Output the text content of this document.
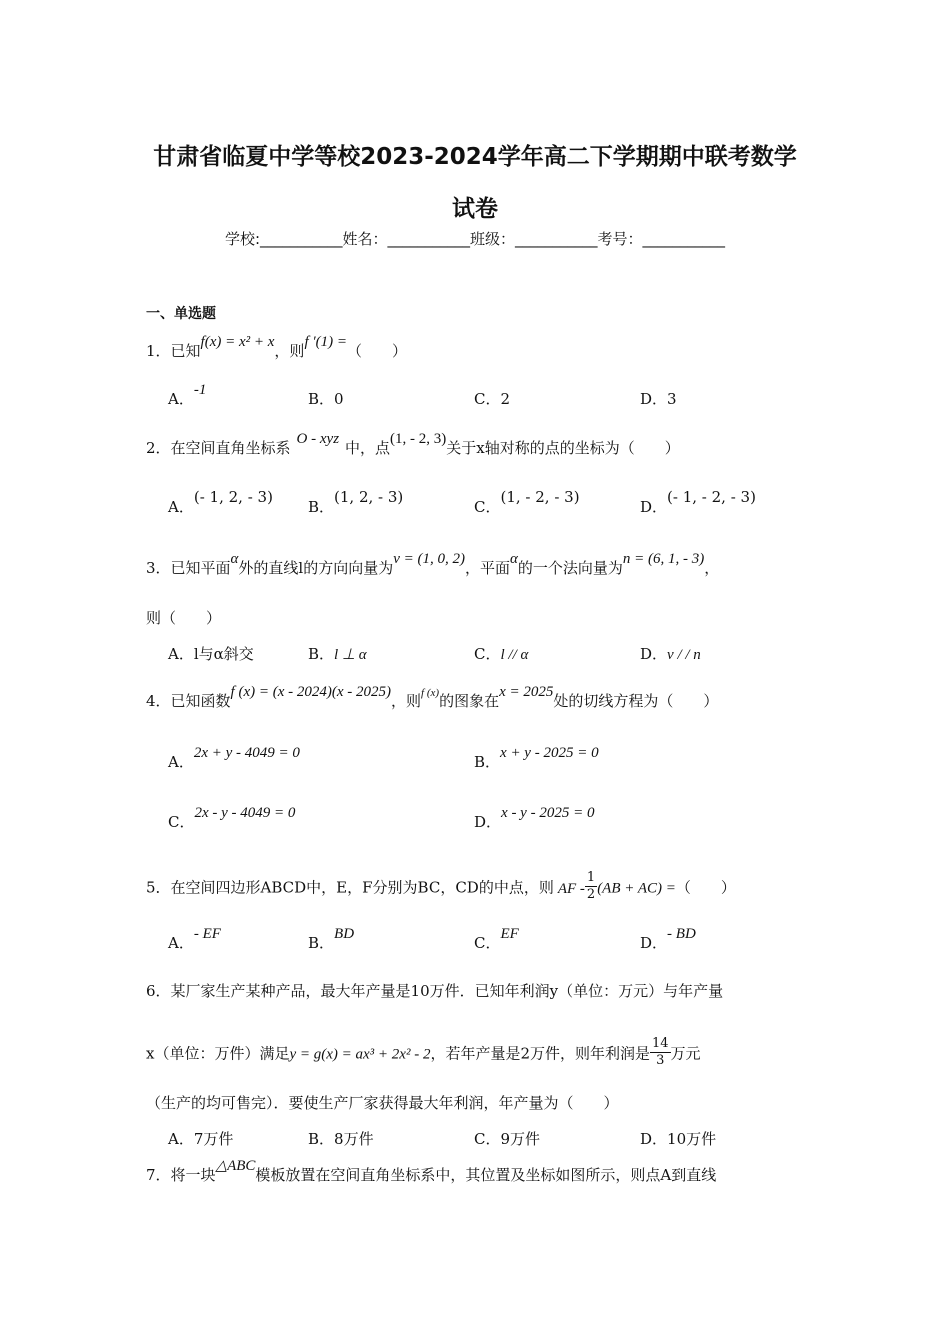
甘肃省临夏中学等校2023-2024学年高二下学期期中联考数学
试卷
学校:___________姓名：___________班级：___________考号：___________
一、单选题
1．已知f(x) = x² + x，则f ′(1) =（　　）
A．-1	B．0	C．2	D．3
2．在空间直角坐标系 O - xyz 中，点(1, - 2, 3)关于x轴对称的点的坐标为（　　）
A．(- 1, 2, - 3)
B．(1, 2, - 3)
C．(1, - 2, - 3)
D．(- 1, - 2, - 3)
3．已知平面α外的直线l的方向向量为v = (1, 0, 2)，平面α的一个法向量为n = (6, 1, - 3)，
则（　　）
A．l与α斜交	B．l ⊥ α	C．l // α	D．v / / n
4．已知函数f (x) = (x - 2024)(x - 2025)，则$^{f (x)}$的图象在x = 2025处的切线方程为（　　）
A．2x + y - 4049 = 0	B．x + y - 2025 = 0
C．2x - y - 4049 = 0	D．x - y - 2025 = 0
5．在空间四边形ABCD中，E，F分别为BC，CD的中点，则 AF - $\frac{1}{2} (AB + AC)$ =（　　）
A．- EF	B．BD	C．EF	D．- BD
6．某厂家生产某种产品，最大年产量是10万件．已知年利润y（单位：万元）与年产量
x（单位：万件）满足y = g(x) = ax³ + 2x² - 2，若年产量是2万件，则年利润是 $\frac{14}{3}$ 万元
（生产的均可售完）．要使生产厂家获得最大年利润，年产量为（　　）
A．7万件	B．8万件	C．9万件	D．10万件
7．将一块△ABC模板放置在空间直角坐标系中，其位置及坐标如图所示，则点A到直线
